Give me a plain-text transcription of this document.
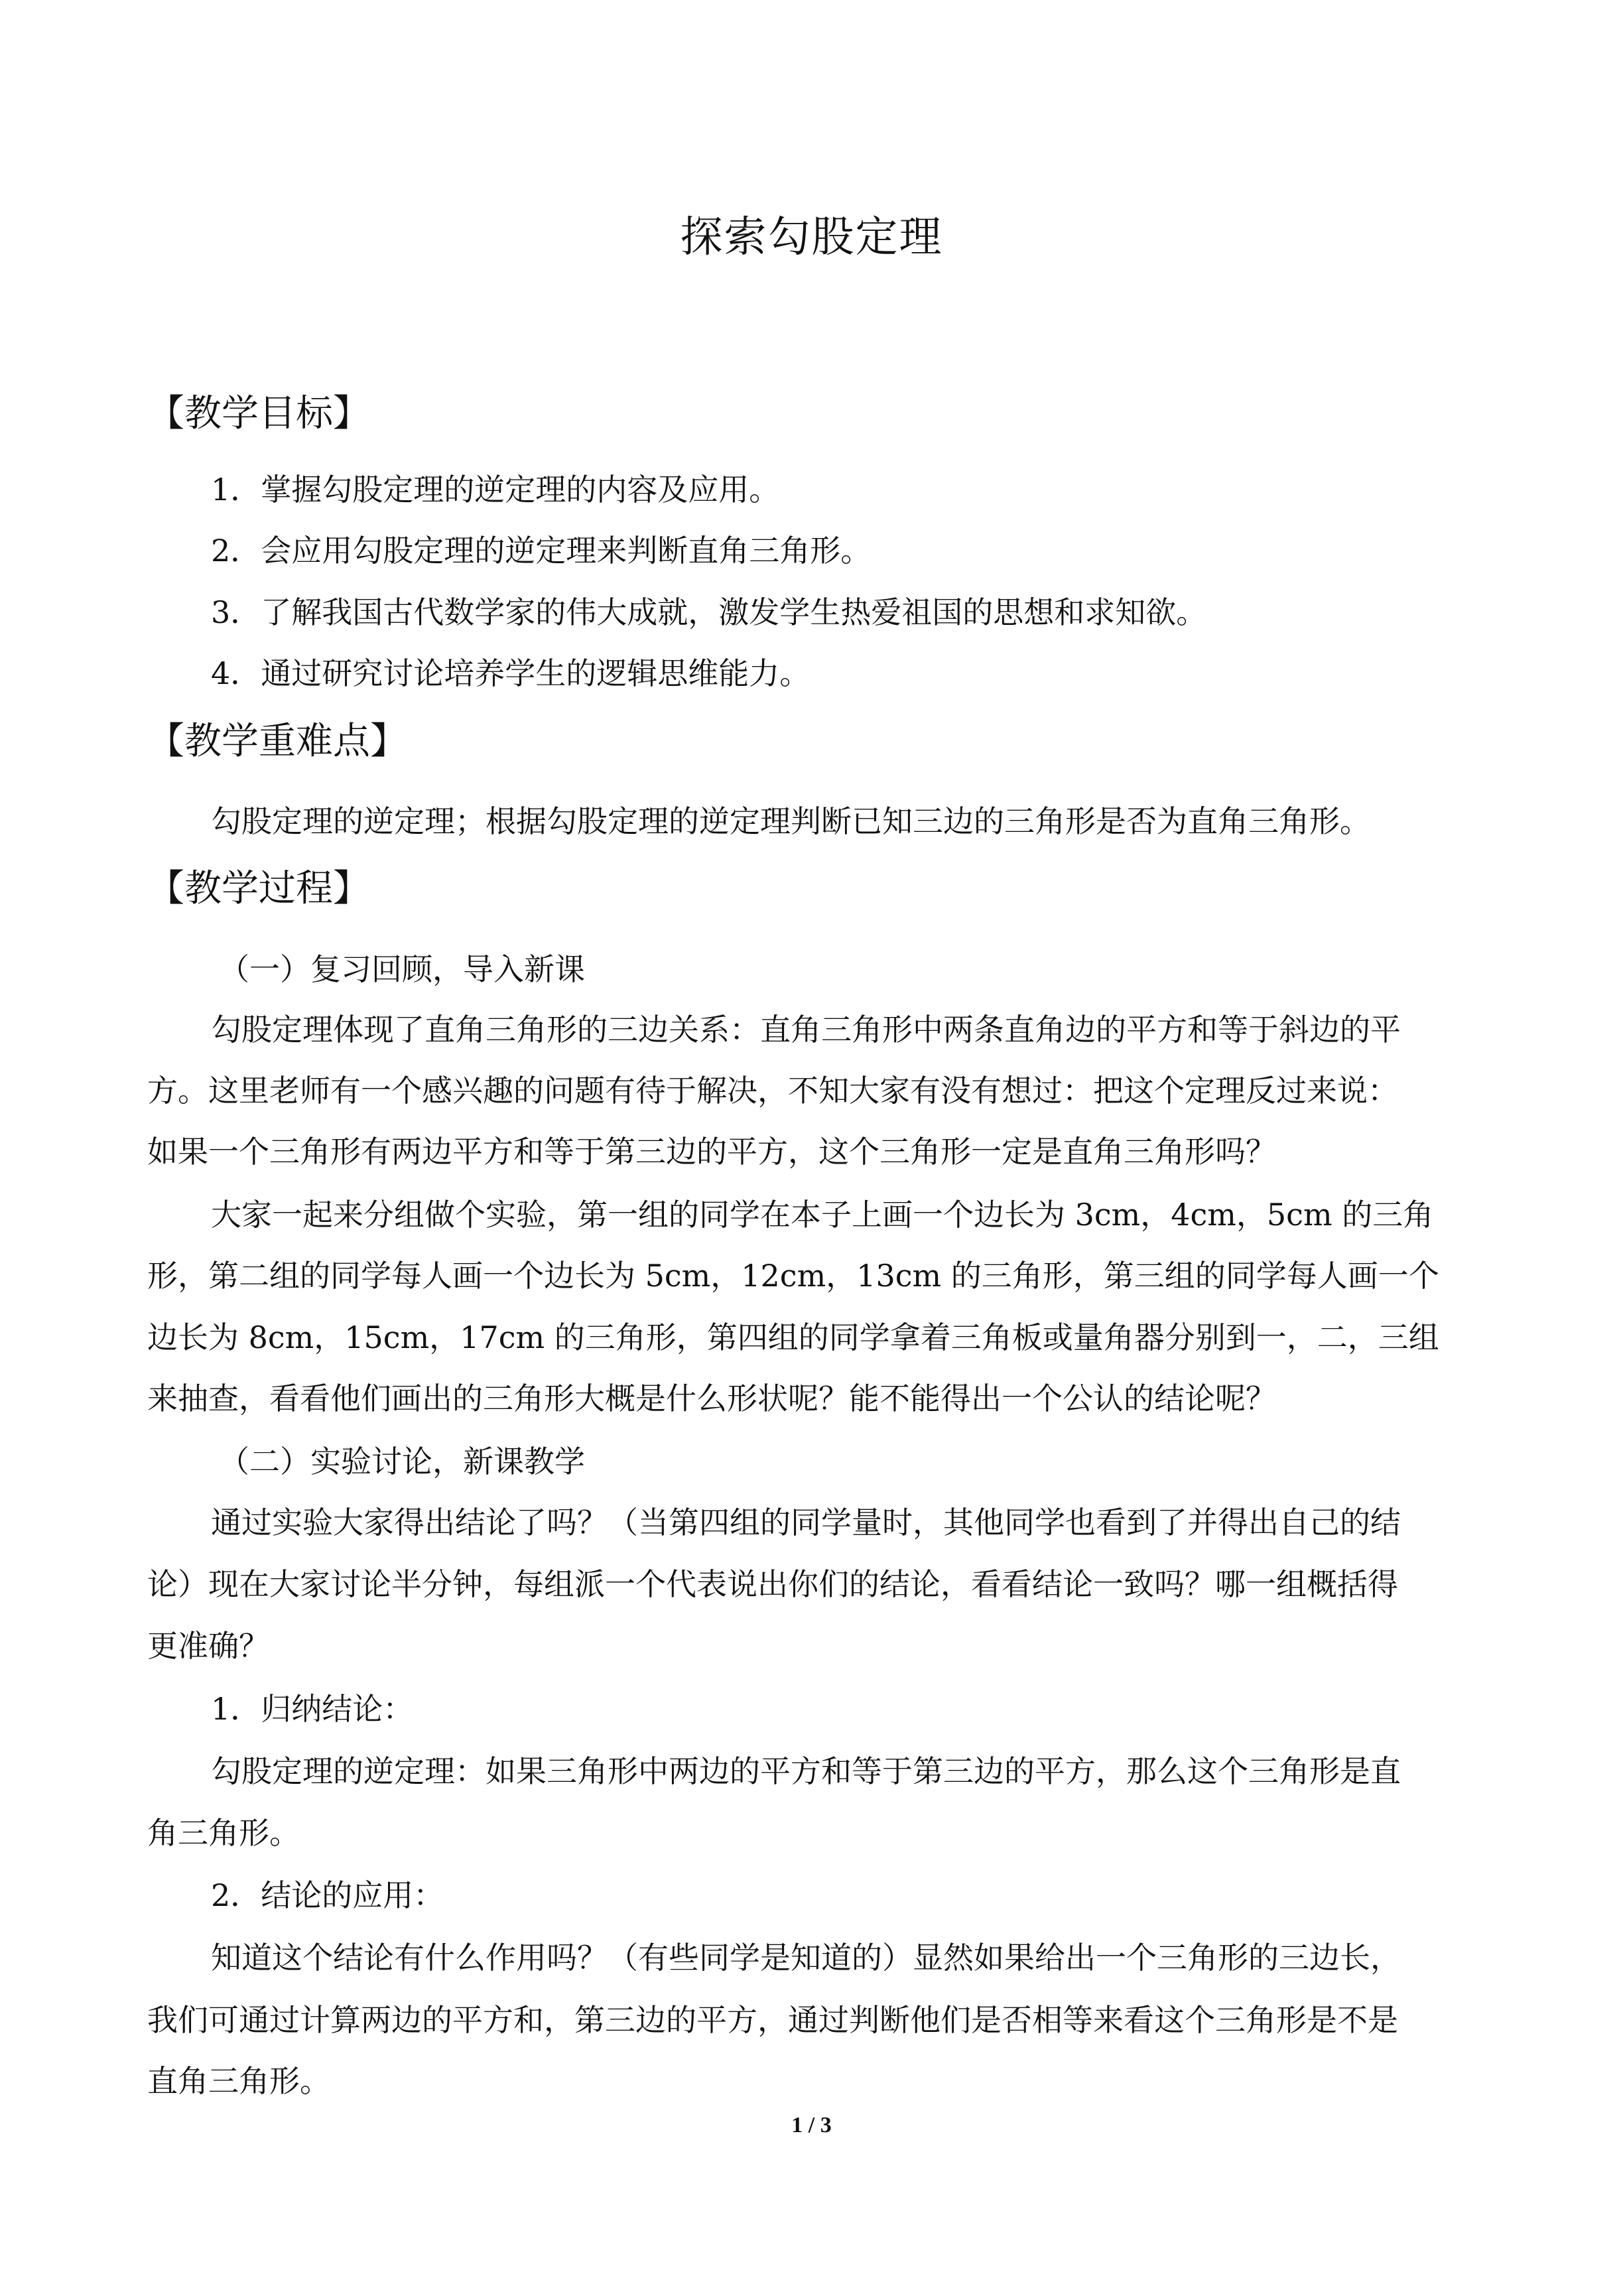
探索勾股定理
【教学目标】
1．掌握勾股定理的逆定理的内容及应用。
2．会应用勾股定理的逆定理来判断直角三角形。
3．了解我国古代数学家的伟大成就，激发学生热爱祖国的思想和求知欲。
4．通过研究讨论培养学生的逻辑思维能力。
【教学重难点】
勾股定理的逆定理；根据勾股定理的逆定理判断已知三边的三角形是否为直角三角形。
【教学过程】
（一）复习回顾，导入新课
勾股定理体现了直角三角形的三边关系：直角三角形中两条直角边的平方和等于斜边的平
方。这里老师有一个感兴趣的问题有待于解决，不知大家有没有想过：把这个定理反过来说：
如果一个三角形有两边平方和等于第三边的平方，这个三角形一定是直角三角形吗？
大家一起来分组做个实验，第一组的同学在本子上画一个边长为 3cm，4cm，5cm 的三角
形，第二组的同学每人画一个边长为 5cm，12cm，13cm 的三角形，第三组的同学每人画一个
边长为 8cm，15cm，17cm 的三角形，第四组的同学拿着三角板或量角器分别到一，二，三组
来抽查，看看他们画出的三角形大概是什么形状呢？能不能得出一个公认的结论呢？
（二）实验讨论，新课教学
通过实验大家得出结论了吗？（当第四组的同学量时，其他同学也看到了并得出自己的结
论）现在大家讨论半分钟，每组派一个代表说出你们的结论，看看结论一致吗？哪一组概括得
更准确？
1．归纳结论：
勾股定理的逆定理：如果三角形中两边的平方和等于第三边的平方，那么这个三角形是直
角三角形。
2．结论的应用：
知道这个结论有什么作用吗？（有些同学是知道的）显然如果给出一个三角形的三边长，
我们可通过计算两边的平方和，第三边的平方，通过判断他们是否相等来看这个三角形是不是
直角三角形。
1 / 3
